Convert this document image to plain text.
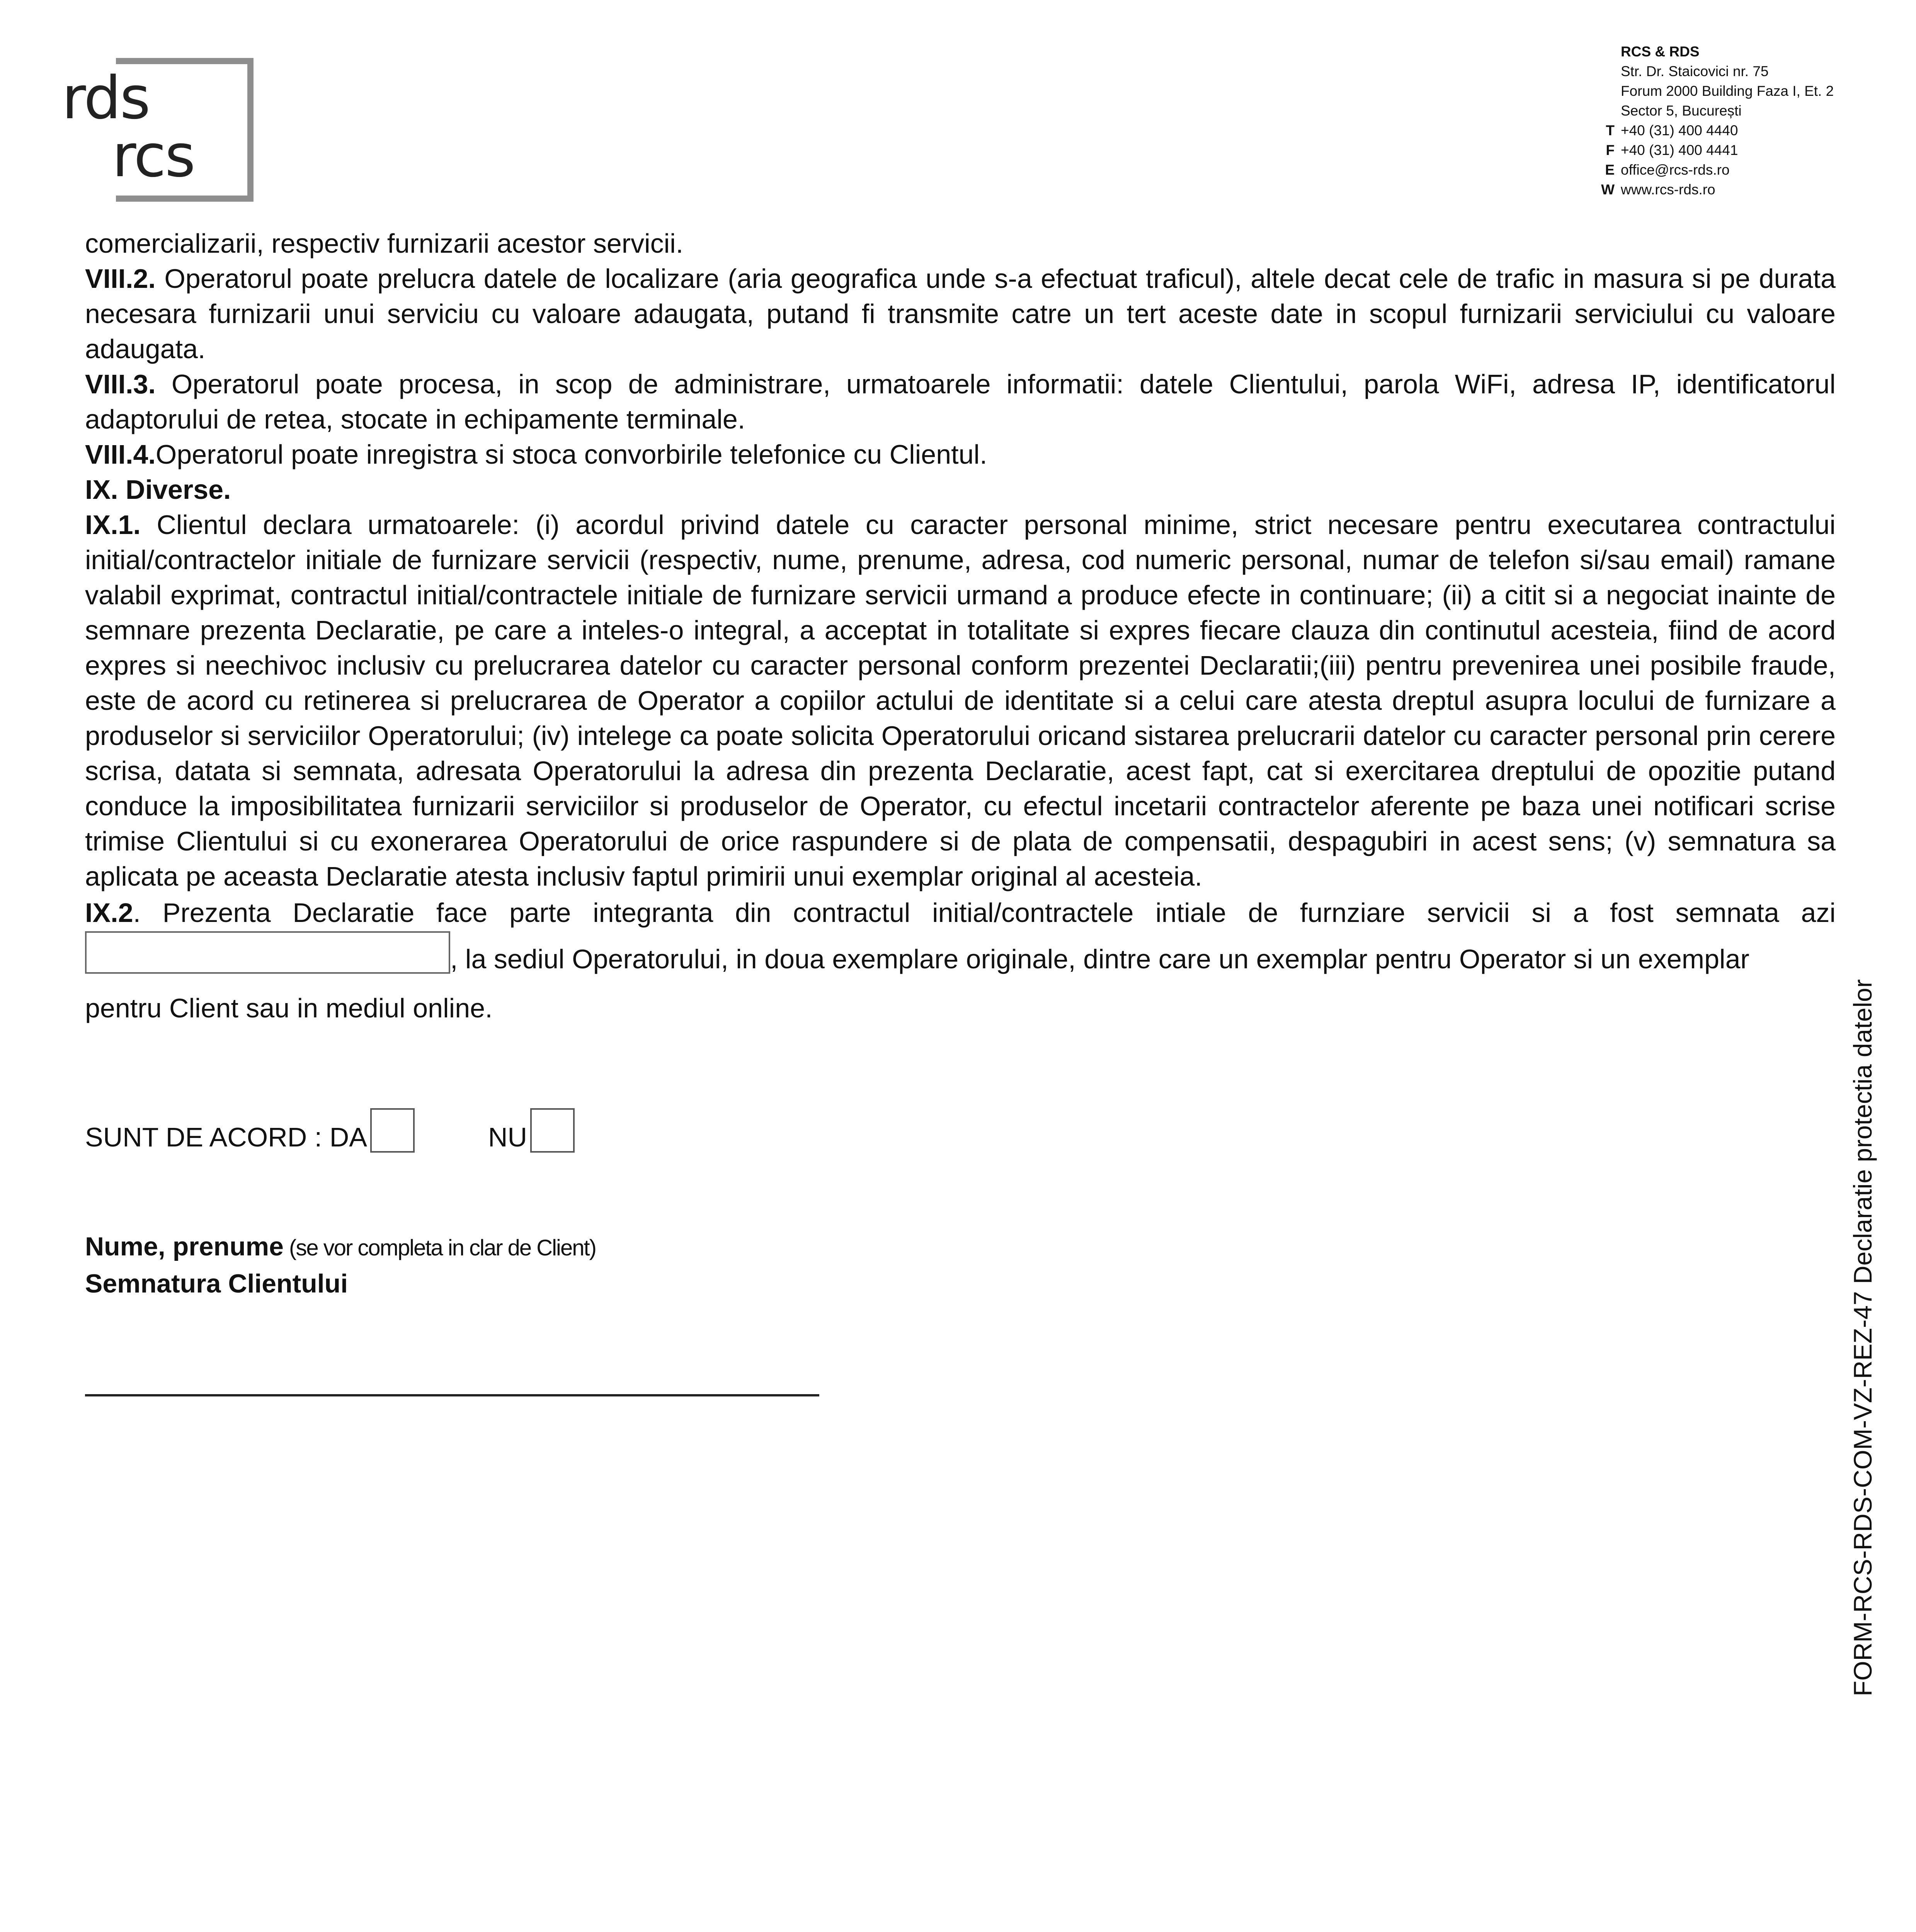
rds
rcs
RCS & RDS
Str. Dr. Staicovici nr. 75
Forum 2000 Building Faza I, Et. 2
Sector 5, București
T +40 (31) 400 4440
F +40 (31) 400 4441
E office@rcs-rds.ro
W www.rcs-rds.ro

comercializarii, respectiv furnizarii acestor servicii.

VIII.2. Operatorul poate prelucra datele de localizare (aria geografica unde s-a efectuat traficul), altele decat cele de trafic in masura si pe durata necesara furnizarii unui serviciu cu valoare adaugata, putand fi transmite catre un tert aceste date in scopul furnizarii serviciului cu valoare adaugata.

VIII.3. Operatorul poate procesa, in scop de administrare, urmatoarele informatii: datele Clientului, parola WiFi, adresa IP, identificatorul adaptorului de retea, stocate in echipamente terminale.

VIII.4.Operatorul poate inregistra si stoca convorbirile telefonice cu Clientul.

IX. Diverse.

IX.1. Clientul declara urmatoarele: (i) acordul privind datele cu caracter personal minime, strict necesare pentru executarea contractului initial/contractelor initiale de furnizare servicii (respectiv, nume, prenume, adresa, cod numeric personal, numar de telefon si/sau email) ramane valabil exprimat, contractul initial/contractele initiale de furnizare servicii urmand a produce efecte in continuare; (ii) a citit si a negociat inainte de semnare prezenta Declaratie, pe care a inteles-o integral, a acceptat in totalitate si expres fiecare clauza din continutul acesteia, fiind de acord expres si neechivoc inclusiv cu prelucrarea datelor cu caracter personal conform prezentei Declaratii;(iii) pentru prevenirea unei posibile fraude, este de acord cu retinerea si prelucrarea de Operator a copiilor actului de identitate si a celui care atesta dreptul asupra locului de furnizare a produselor si serviciilor Operatorului; (iv) intelege ca poate solicita Operatorului oricand sistarea prelucrarii datelor cu caracter personal prin cerere scrisa, datata si semnata, adresata Operatorului la adresa din prezenta Declaratie, acest fapt, cat si exercitarea dreptului de opozitie putand conduce la imposibilitatea furnizarii serviciilor si produselor de Operator, cu efectul incetarii contractelor aferente pe baza unei notificari scrise trimise Clientului si cu exonerarea Operatorului de orice raspundere si de plata de compensatii, despagubiri in acest sens; (v) semnatura sa aplicata pe aceasta Declaratie atesta inclusiv faptul primirii unui exemplar original al acesteia.

IX.2. Prezenta Declaratie face parte integranta din contractul initial/contractele intiale de furnziare servicii si a fost semnata azi , la sediul Operatorului, in doua exemplare originale, dintre care un exemplar pentru Operator si un exemplar

pentru Client sau in mediul online.

SUNT DE ACORD : DA	NU
Nume, prenume (se vor completa in clar de Client)
Semnatura Clientului	FORM-RCS-RDS-COM-VZ-REZ-47 Declaratie protectia datelor
